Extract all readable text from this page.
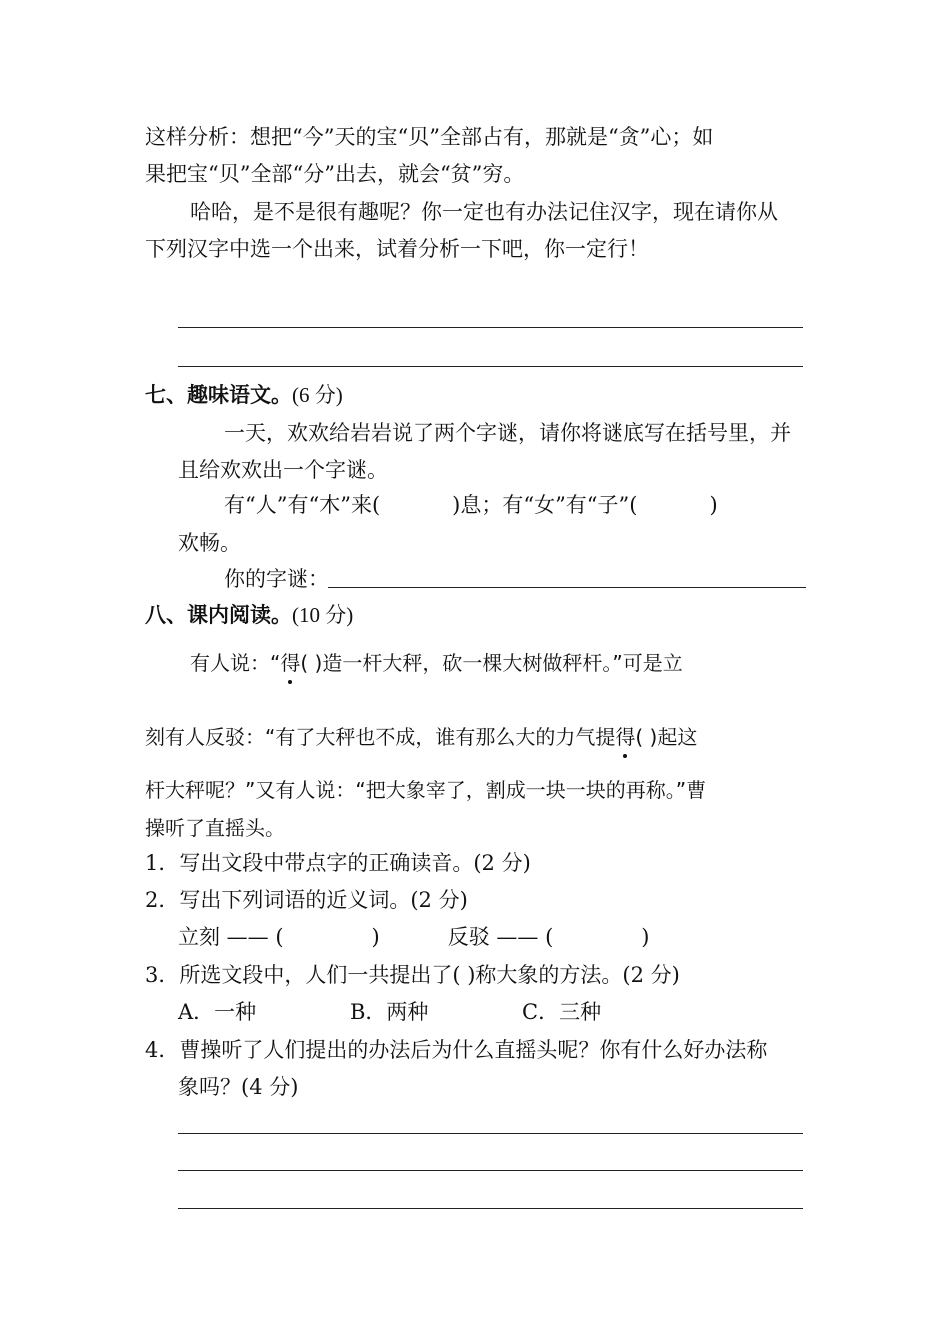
这样分析：想把“今”天的宝“贝”全部占有，那就是“贪”心；如
果把宝“贝”全部“分”出去，就会“贫”穷。
哈哈，是不是很有趣呢？你一定也有办法记住汉字，现在请你从
下列汉字中选一个出来，试着分析一下吧，你一定行！
七、趣味语文。(6 分)
一天，欢欢给岩岩说了两个字谜，请你将谜底写在括号里，并
且给欢欢出一个字谜。
有“人”有“木”来(	)息；有“女”有“子”(	)
欢畅。
你的字谜：
八、课内阅读。(10 分)
有人说：“得( )造一杆大秤，砍一棵大树做秤杆。”可是立
刻有人反驳：“有了大秤也不成，谁有那么大的力气提得( )起这
杆大秤呢？”又有人说：“把大象宰了，割成一块一块的再称。”曹
操听了直摇头。
1．写出文段中带点字的正确读音。(2 分)
2．写出下列词语的近义词。(2 分)
立刻 —— (	)	反驳 —— (	)
3．所选文段中，人们一共提出了( )称大象的方法。(2 分)
A．一种	B．两种	C．三种
4．曹操听了人们提出的办法后为什么直摇头呢？你有什么好办法称
象吗？(4 分)
